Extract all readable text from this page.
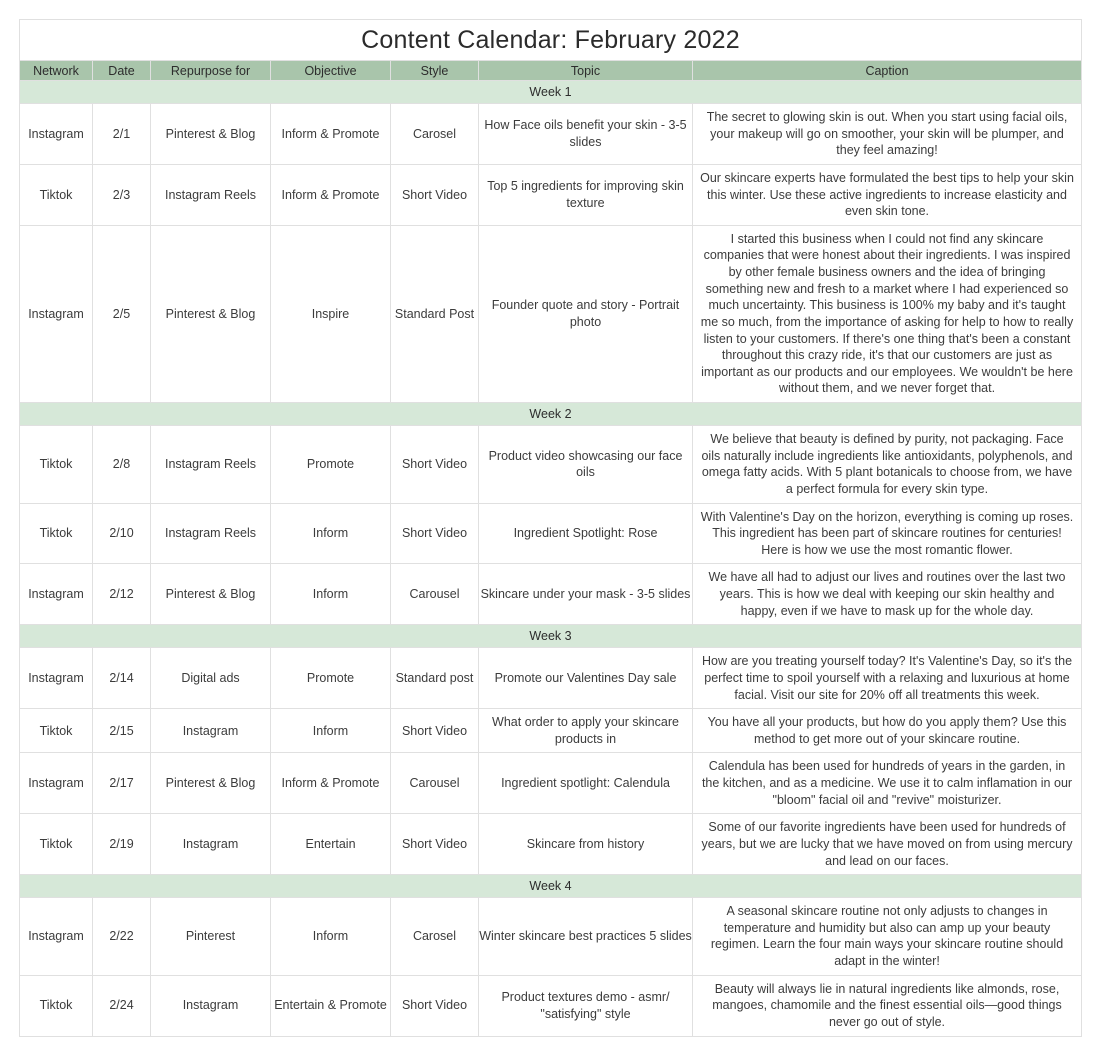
Content Calendar: February 2022						
Network	Date	Repurpose for	Objective	Style	Topic	Caption
Week 1						
Instagram	2/1	Pinterest & Blog	Inform & Promote	Carosel	How Face oils benefit your skin - 3-5 slides	The secret to glowing skin is out. When you start using facial oils, your makeup will go on smoother, your skin will be plumper, and they feel amazing!
Tiktok	2/3	Instagram Reels	Inform & Promote	Short Video	Top 5 ingredients for improving skin texture	Our skincare experts have formulated the best tips to help your skin this winter. Use these active ingredients to increase elasticity and even skin tone.
Instagram	2/5	Pinterest & Blog	Inspire	Standard Post	Founder quote and story - Portrait photo	I started this business when I could not find any skincare companies that were honest about their ingredients. I was inspired by other female business owners and the idea of bringing something new and fresh to a market where I had experienced so much uncertainty. This business is 100% my baby and it's taught me so much, from the importance of asking for help to how to really listen to your customers. If there's one thing that's been a constant throughout this crazy ride, it's that our customers are just as important as our products and our employees. We wouldn't be here without them, and we never forget that.
Week 2						
Tiktok	2/8	Instagram Reels	Promote	Short Video	Product video showcasing our face oils	We believe that beauty is defined by purity, not packaging. Face oils naturally include ingredients like antioxidants, polyphenols, and omega fatty acids. With 5 plant botanicals to choose from, we have a perfect formula for every skin type.
Tiktok	2/10	Instagram Reels	Inform	Short Video	Ingredient Spotlight: Rose	With Valentine's Day on the horizon, everything is coming up roses. This ingredient has been part of skincare routines for centuries! Here is how we use the most romantic flower.
Instagram	2/12	Pinterest & Blog	Inform	Carousel	Skincare under your mask - 3-5 slides	We have all had to adjust our lives and routines over the last two years. This is how we deal with keeping our skin healthy and happy, even if we have to mask up for the whole day.
Week 3						
Instagram	2/14	Digital ads	Promote	Standard post	Promote our Valentines Day sale	How are you treating yourself today? It's Valentine's Day, so it's the perfect time to spoil yourself with a relaxing and luxurious at home facial. Visit our site for 20% off all treatments this week.
Tiktok	2/15	Instagram	Inform	Short Video	What order to apply your skincare products in	You have all your products, but how do you apply them? Use this method to get more out of your skincare routine.
Instagram	2/17	Pinterest & Blog	Inform & Promote	Carousel	Ingredient spotlight: Calendula	Calendula has been used for hundreds of years in the garden, in the kitchen, and as a medicine. We use it to calm inflamation in our "bloom" facial oil and "revive" moisturizer.
Tiktok	2/19	Instagram	Entertain	Short Video	Skincare from history	Some of our favorite ingredients have been used for hundreds of years, but we are lucky that we have moved on from using mercury and lead on our faces.
Week 4						
Instagram	2/22	Pinterest	Inform	Carosel	Winter skincare best practices 5 slides	A seasonal skincare routine not only adjusts to changes in temperature and humidity but also can amp up your beauty regimen. Learn the four main ways your skincare routine should adapt in the winter!
Tiktok	2/24	Instagram	Entertain & Promote	Short Video	Product textures demo - asmr/ "satisfying" style	Beauty will always lie in natural ingredients like almonds, rose, mangoes, chamomile and the finest essential oils—good things never go out of style.
